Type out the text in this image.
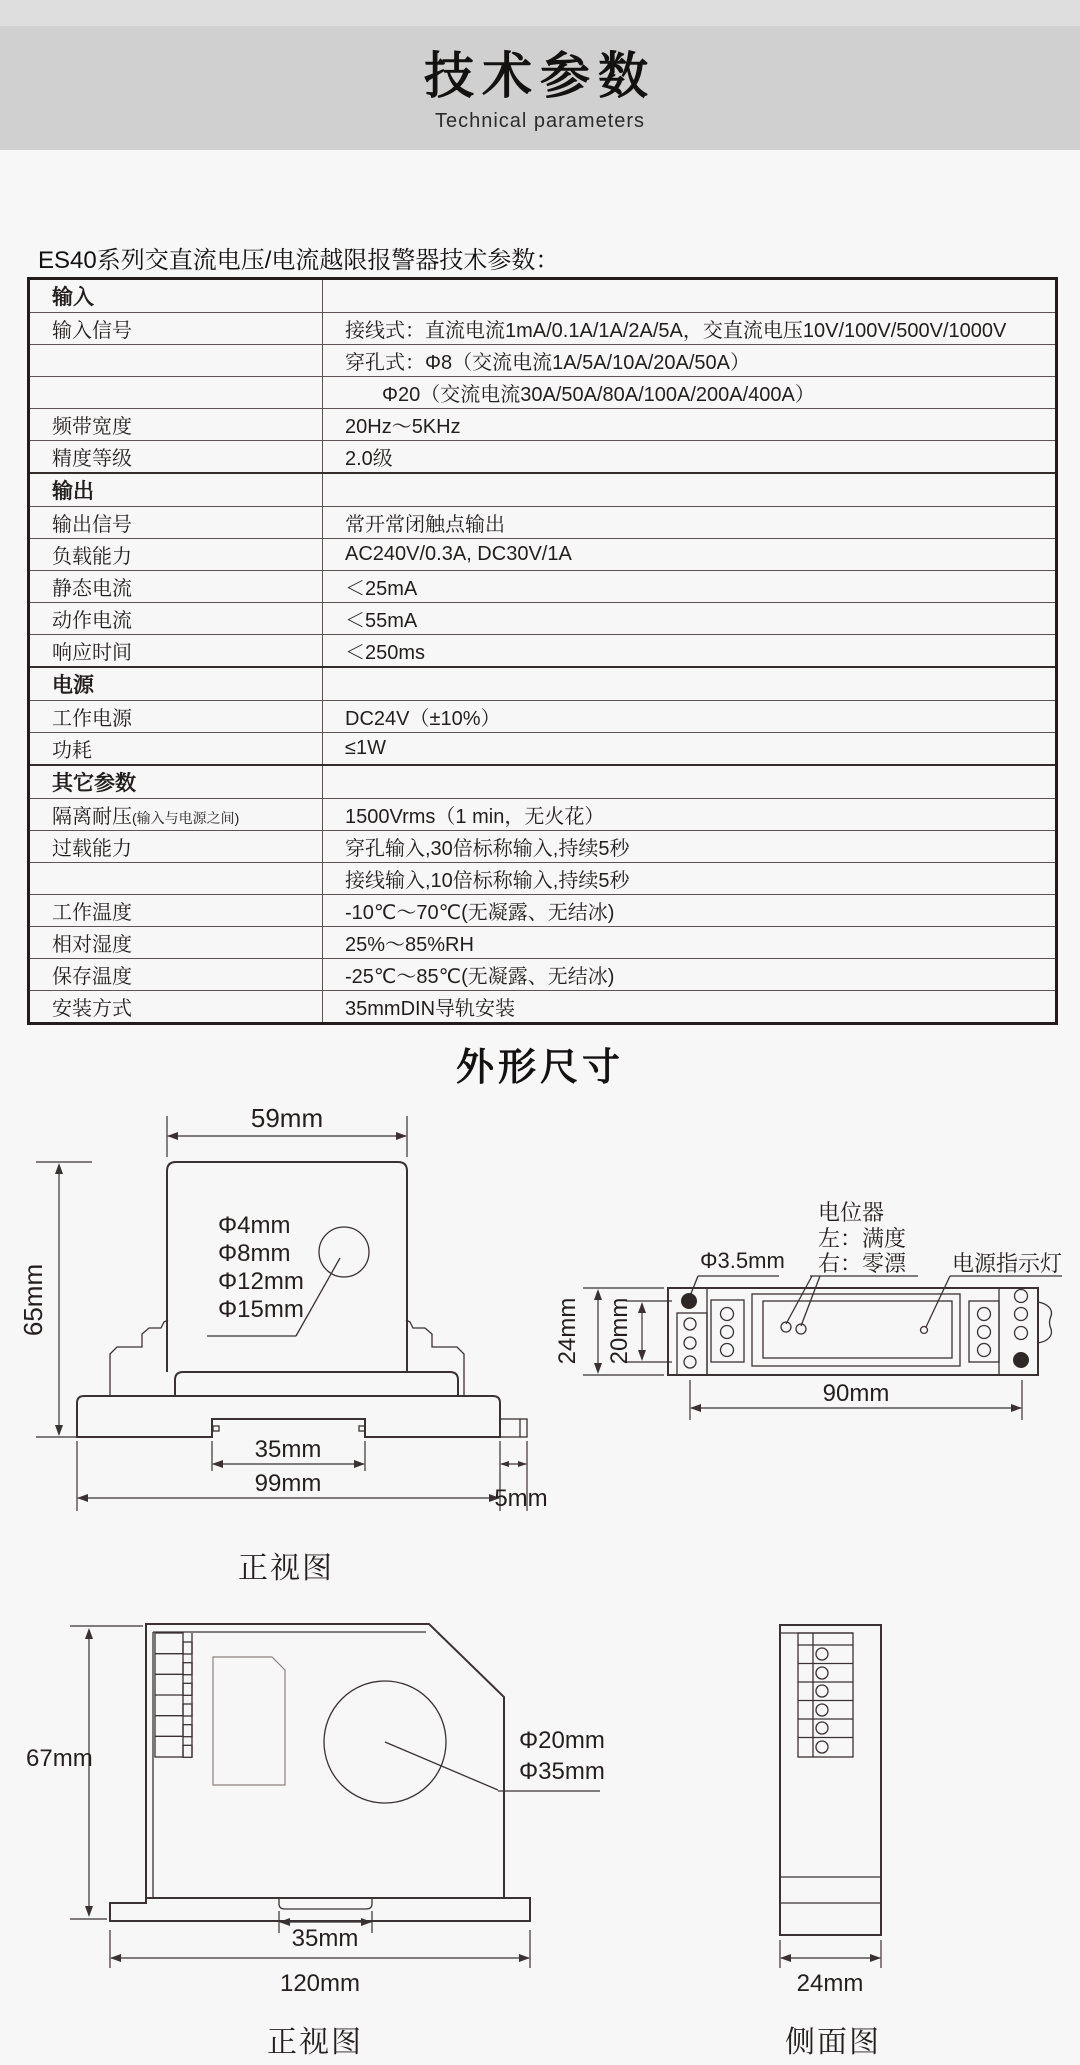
技术参数

Technical parameters

ES40系列交直流电压/电流越限报警器技术参数：
输入	
输入信号	接线式：直流电流1mA/0.1A/1A/2A/5A，交直流电压10V/100V/500V/1000V
	穿孔式：Φ8（交流电流1A/5A/10A/20A/50A）
	Φ20（交流电流30A/50A/80A/100A/200A/400A）
频带宽度	20Hz～5KHz
精度等级	2.0级
输出	
输出信号	常开常闭触点输出
负载能力	AC240V/0.3A, DC30V/1A
静态电流	＜25mA
动作电流	＜55mA
响应时间	＜250ms
电源	
工作电源	DC24V（±10%）
功耗	≤1W
其它参数	
隔离耐压(输入与电源之间)	1500Vrms（1 min，无火花）
过载能力	穿孔输入,30倍标称输入,持续5秒
	接线输入,10倍标称输入,持续5秒
工作温度	-10℃～70℃(无凝露、无结冰)
相对湿度	25%～85%RH
保存温度	-25℃～85℃(无凝露、无结冰)
安装方式	35mmDIN导轨安装
外形尺寸
59mm
65mm
Φ4mm
Φ8mm
Φ12mm
Φ15mm
35mm
99mm
5mm
正视图
电位器
左：满度
右：零漂
Φ3.5mm	电源指示灯
24mm 20mm
90mm
Φ20mm
Φ35mm
67mm
35mm
120mm
正视图
24mm
侧面图
